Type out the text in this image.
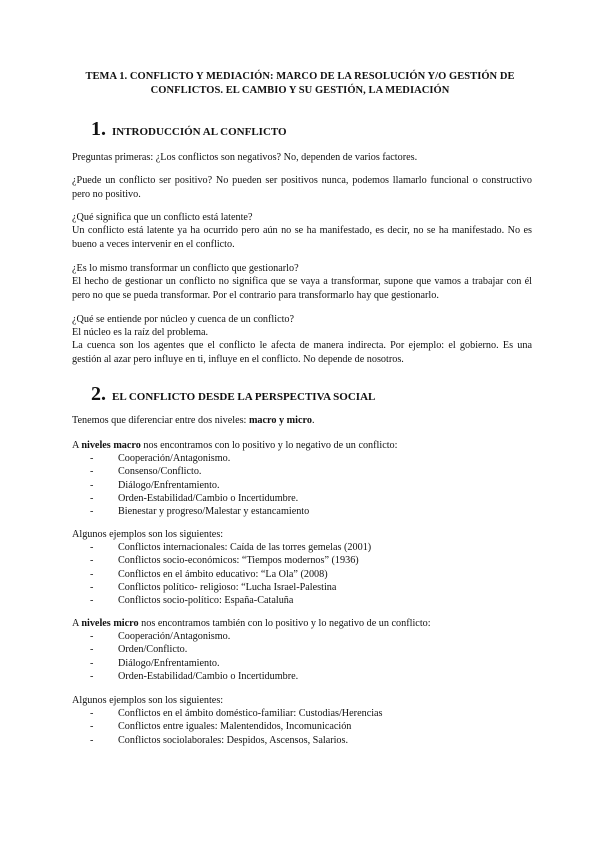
TEMA 1. CONFLICTO Y MEDIACIÓN: MARCO DE LA RESOLUCIÓN Y/O GESTIÓN DE CONFLICTOS. EL CAMBIO Y SU GESTIÓN, LA MEDIACIÓN
1. INTRODUCCIÓN AL CONFLICTO
Preguntas primeras: ¿Los conflictos son negativos? No, dependen de varios factores.
¿Puede un conflicto ser positivo? No pueden ser positivos nunca, podemos llamarlo funcional o constructivo pero no positivo.
¿Qué significa que un conflicto está latente?
Un conflicto está latente ya ha ocurrido pero aún no se ha manifestado, es decir, no se ha manifestado. No es bueno a veces intervenir en el conflicto.
¿Es lo mismo transformar un conflicto que gestionarlo?
El hecho de gestionar un conflicto no significa que se vaya a transformar, supone que vamos a trabajar con él pero no que se pueda transformar. Por el contrario para transformarlo hay que gestionarlo.
¿Qué se entiende por núcleo y cuenca de un conflicto?
El núcleo es la raíz del problema.
La cuenca son los agentes que el conflicto le afecta de manera indirecta. Por ejemplo: el gobierno. Es una gestión al azar pero influye en ti, influye en el conflicto. No depende de nosotros.
2. EL CONFLICTO DESDE LA PERSPECTIVA SOCIAL
Tenemos que diferenciar entre dos niveles: macro y micro.
A niveles macro nos encontramos con lo positivo y lo negativo de un conflicto:
-	Cooperación/Antagonismo.
-	Consenso/Conflicto.
-	Diálogo/Enfrentamiento.
-	Orden-Estabilidad/Cambio o Incertidumbre.
-	Bienestar y progreso/Malestar y estancamiento
Algunos ejemplos son los siguientes:
-	Conflictos internacionales: Caída de las torres gemelas (2001)
-	Conflictos socio-económicos: “Tiempos modernos” (1936)
-	Conflictos en el ámbito educativo: “La Ola” (2008)
-	Conflictos político- religioso: “Lucha Israel-Palestina
-	Conflictos socio-político: España-Cataluña
A niveles micro nos encontramos también con lo positivo y lo negativo de un conflicto:
-	Cooperación/Antagonismo.
-	Orden/Conflicto.
-	Diálogo/Enfrentamiento.
-	Orden-Estabilidad/Cambio o Incertidumbre.
Algunos ejemplos son los siguientes:
-	Conflictos en el ámbito doméstico-familiar: Custodias/Herencias
-	Conflictos entre iguales: Malentendidos, Incomunicación
-	Conflictos sociolaborales: Despidos, Ascensos, Salarios.
